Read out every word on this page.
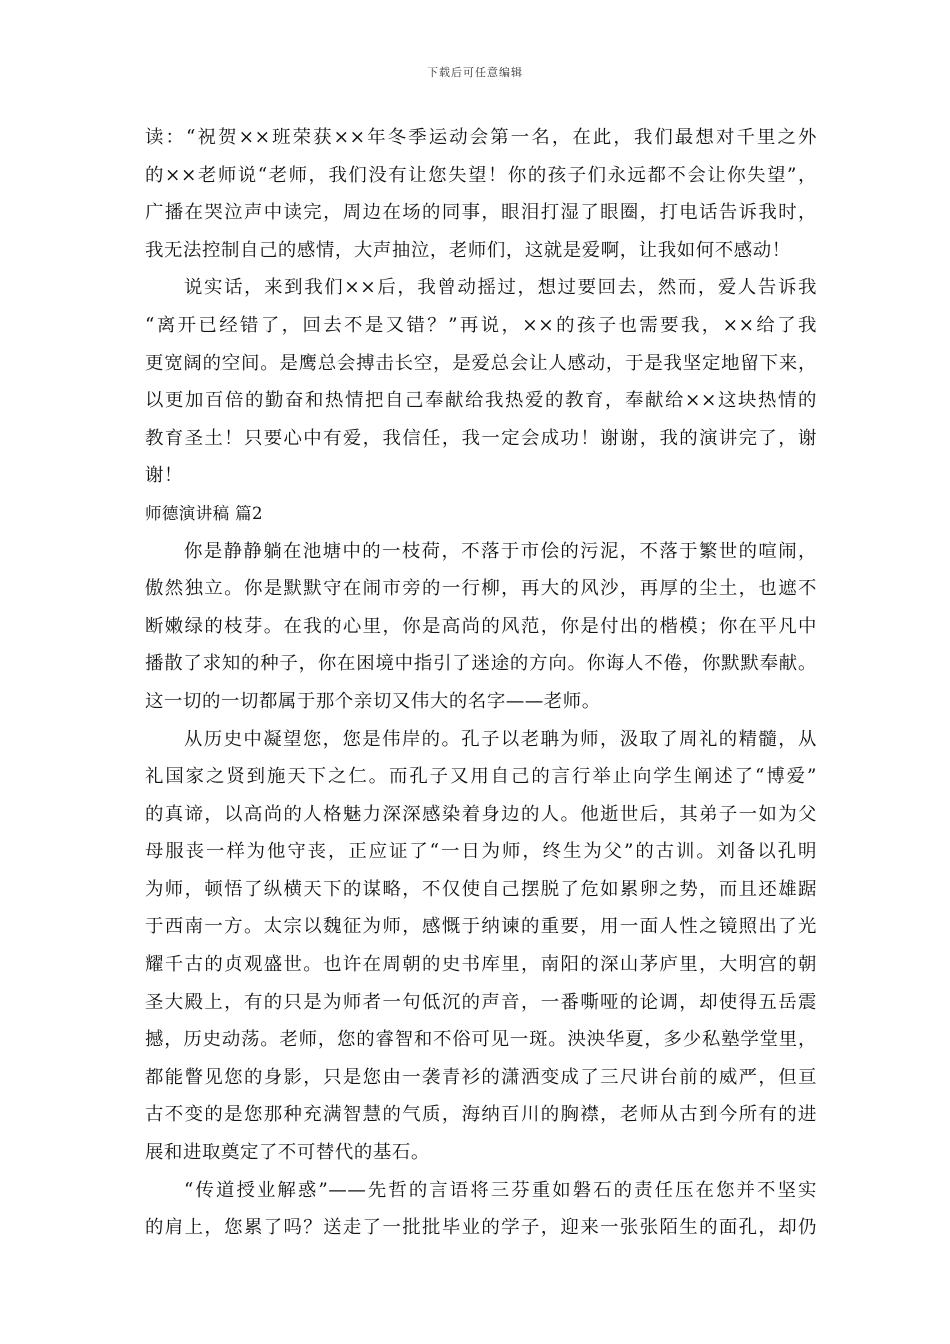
下载后可任意编辑
读：“祝贺××班荣获××年冬季运动会第一名，在此，我们最想对千里之外
的××老师说“老师，我们没有让您失望！你的孩子们永远都不会让你失望”，
广播在哭泣声中读完，周边在场的同事，眼泪打湿了眼圈，打电话告诉我时，
我无法控制自己的感情，大声抽泣，老师们，这就是爱啊，让我如何不感动！
说实话，来到我们××后，我曾动摇过，想过要回去，然而，爱人告诉我
“离开已经错了，回去不是又错？”再说，××的孩子也需要我，××给了我
更宽阔的空间。是鹰总会搏击长空，是爱总会让人感动，于是我坚定地留下来，
以更加百倍的勤奋和热情把自己奉献给我热爱的教育，奉献给××这块热情的
教育圣土！只要心中有爱，我信任，我一定会成功！谢谢，我的演讲完了，谢
谢！
师德演讲稿 篇2
你是静静躺在池塘中的一枝荷，不落于市侩的污泥，不落于繁世的喧闹，
傲然独立。你是默默守在闹市旁的一行柳，再大的风沙，再厚的尘土，也遮不
断嫩绿的枝芽。在我的心里，你是高尚的风范，你是付出的楷模；你在平凡中
播散了求知的种子，你在困境中指引了迷途的方向。你诲人不倦，你默默奉献。
这一切的一切都属于那个亲切又伟大的名字——老师。
从历史中凝望您，您是伟岸的。孔子以老聃为师，汲取了周礼的精髓，从
礼国家之贤到施天下之仁。而孔子又用自己的言行举止向学生阐述了“博爱”
的真谛，以高尚的人格魅力深深感染着身边的人。他逝世后，其弟子一如为父
母服丧一样为他守丧，正应证了“一日为师，终生为父”的古训。刘备以孔明
为师，顿悟了纵横天下的谋略，不仅使自己摆脱了危如累卵之势，而且还雄踞
于西南一方。太宗以魏征为师，感慨于纳谏的重要，用一面人性之镜照出了光
耀千古的贞观盛世。也许在周朝的史书库里，南阳的深山茅庐里，大明宫的朝
圣大殿上，有的只是为师者一句低沉的声音，一番嘶哑的论调，却使得五岳震
撼，历史动荡。老师，您的睿智和不俗可见一斑。泱泱华夏，多少私塾学堂里，
都能瞥见您的身影，只是您由一袭青衫的潇洒变成了三尺讲台前的威严，但亘
古不变的是您那种充满智慧的气质，海纳百川的胸襟，老师从古到今所有的进
展和进取奠定了不可替代的基石。
“传道授业解惑”——先哲的言语将三芬重如磐石的责任压在您并不坚实
的肩上，您累了吗？送走了一批批毕业的学子，迎来一张张陌生的面孔，却仍
